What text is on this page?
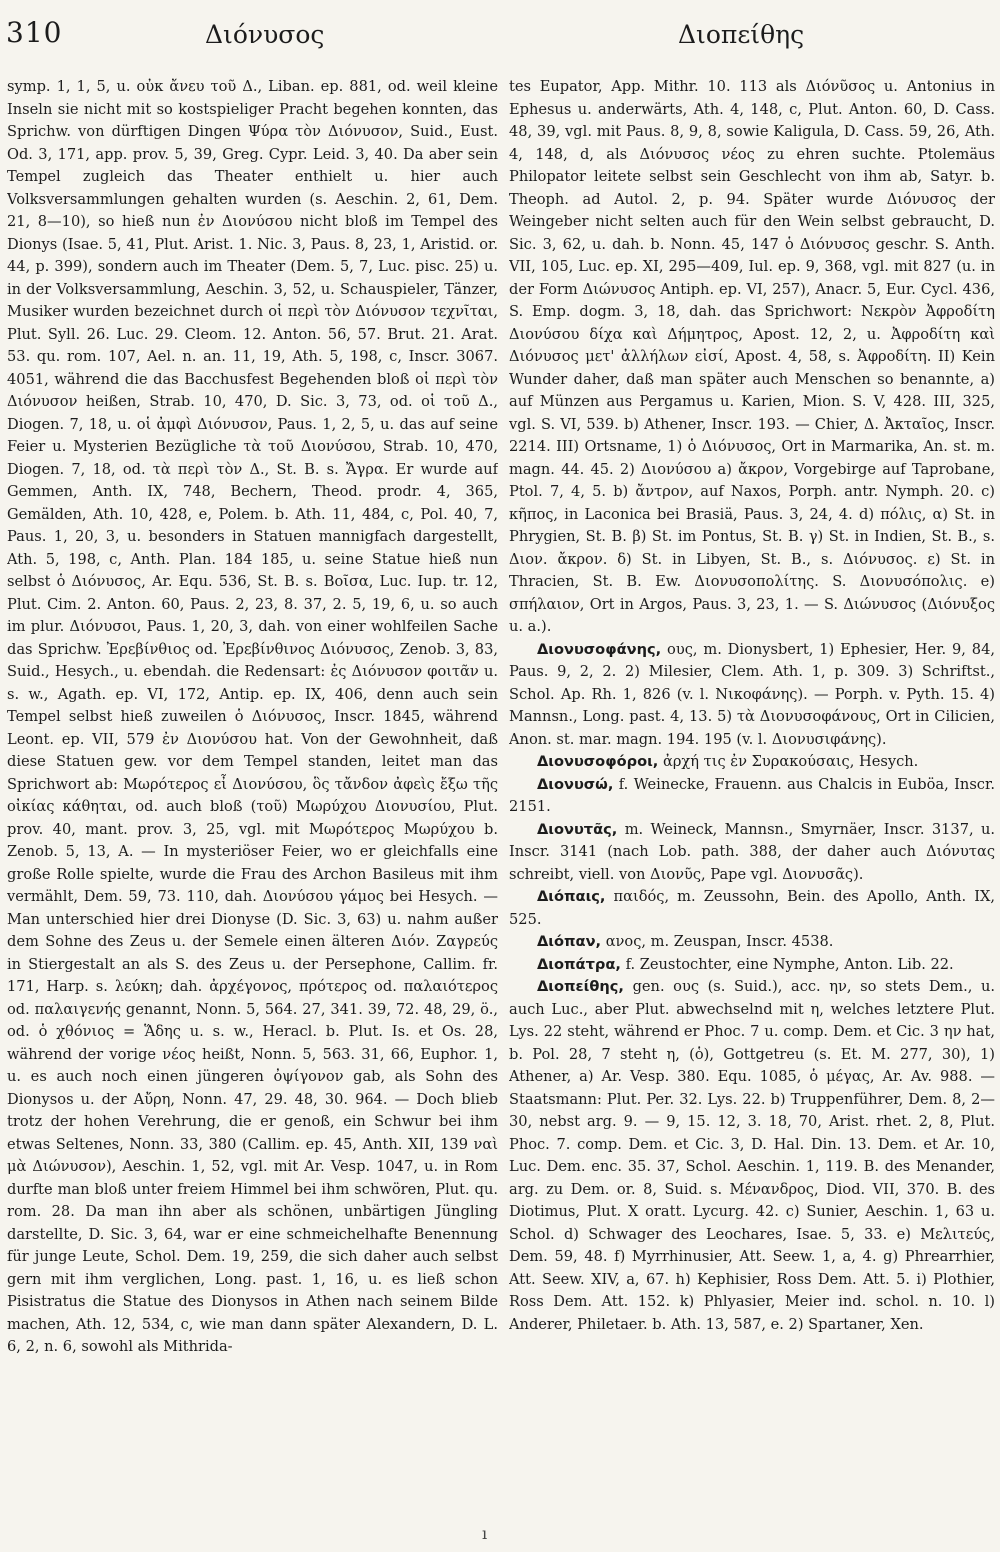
310	Διόνυσος	Διοπείθης

symp. 1, 1, 5, u. οὐκ ἄνευ τοῦ Δ., Liban. ep. 881, od. weil kleine Inseln sie nicht mit so kostspieliger Pracht begehen konnten, das Sprichw. von dürftigen Dingen Ψύρα τὸν Διόνυσον, Suid., Eust. Od. 3, 171, app. prov. 5, 39, Greg. Cypr. Leid. 3, 40. Da aber sein Tempel zugleich das Theater enthielt u. hier auch Volksversammlungen gehalten wurden (s. Aeschin. 2, 61, Dem. 21, 8—10), so hieß nun ἐν Διονύσου nicht bloß im Tempel des Dionys (Isae. 5, 41, Plut. Arist. 1. Nic. 3, Paus. 8, 23, 1, Aristid. or. 44, p. 399), sondern auch im Theater (Dem. 5, 7, Luc. pisc. 25) u. in der Volksversammlung, Aeschin. 3, 52, u. Schauspieler, Tänzer, Musiker wurden bezeichnet durch οἱ περὶ τὸν Διόνυσον τεχνῖται, Plut. Syll. 26. Luc. 29. Cleom. 12. Anton. 56, 57. Brut. 21. Arat. 53. qu. rom. 107, Ael. n. an. 11, 19, Ath. 5, 198, c, Inscr. 3067. 4051, während die das Bacchusfest Begehenden bloß οἱ περὶ τὸν Διόνυσον heißen, Strab. 10, 470, D. Sic. 3, 73, od. οἱ τοῦ Δ., Diogen. 7, 18, u. οἱ ἀμφὶ Διόνυσον, Paus. 1, 2, 5, u. das auf seine Feier u. Mysterien Bezügliche τὰ τοῦ Διονύσου, Strab. 10, 470, Diogen. 7, 18, od. τὰ περὶ τὸν Δ., St. B. s. Ἄγρα. Er wurde auf Gemmen, Anth. IX, 748, Bechern, Theod. prodr. 4, 365, Gemälden, Ath. 10, 428, e, Polem. b. Ath. 11, 484, c, Pol. 40, 7, Paus. 1, 20, 3, u. besonders in Statuen mannigfach dargestellt, Ath. 5, 198, c, Anth. Plan. 184 185, u. seine Statue hieß nun selbst ὁ Διόνυσος, Ar. Equ. 536, St. B. s. Βοῖσα, Luc. Iup. tr. 12, Plut. Cim. 2. Anton. 60, Paus. 2, 23, 8. 37, 2. 5, 19, 6, u. so auch im plur. Διόνυσοι, Paus. 1, 20, 3, dah. von einer wohlfeilen Sache das Sprichw. Ἐρεβίνθιος od. Ἐρεβίνθινος Διόνυσος, Zenob. 3, 83, Suid., Hesych., u. ebendah. die Redensart: ἐς Διόνυσον φοιτᾶν u. s. w., Agath. ep. VI, 172, Antip. ep. IX, 406, denn auch sein Tempel selbst hieß zuweilen ὁ Διόνυσος, Inscr. 1845, während Leont. ep. VII, 579 ἐν Διονύσου hat. Von der Gewohnheit, daß diese Statuen gew. vor dem Tempel standen, leitet man das Sprichwort ab: Μωρότερος εἶ Διονύσου, ὃς τἄνδον ἀφεὶς ἔξω τῆς οἰκίας κάθηται, od. auch bloß (τοῦ) Μωρύχου Διονυσίου, Plut. prov. 40, mant. prov. 3, 25, vgl. mit Μωρότερος Μωρύχου b. Zenob. 5, 13, A. — In mysteriöser Feier, wo er gleichfalls eine große Rolle spielte, wurde die Frau des Archon Basileus mit ihm vermählt, Dem. 59, 73. 110, dah. Διονύσου γάμος bei Hesych. — Man unterschied hier drei Dionyse (D. Sic. 3, 63) u. nahm außer dem Sohne des Zeus u. der Semele einen älteren Διόν. Ζαγρεύς in Stiergestalt an als S. des Zeus u. der Persephone, Callim. fr. 171, Harp. s. λεύκη; dah. ἀρχέγονος, πρότερος od. παλαιότερος od. παλαιγενής genannt, Nonn. 5, 564. 27, 341. 39, 72. 48, 29, ö., od. ὁ χθόνιος = Ἅδης u. s. w., Heracl. b. Plut. Is. et Os. 28, während der vorige νέος heißt, Nonn. 5, 563. 31, 66, Euphor. 1, u. es auch noch einen jüngeren ὀψίγονον gab, als Sohn des Dionysos u. der Αὔρη, Nonn. 47, 29. 48, 30. 964. — Doch blieb trotz der hohen Verehrung, die er genoß, ein Schwur bei ihm etwas Seltenes, Nonn. 33, 380 (Callim. ep. 45, Anth. XII, 139 ναὶ μὰ Διώνυσον), Aeschin. 1, 52, vgl. mit Ar. Vesp. 1047, u. in Rom durfte man bloß unter freiem Himmel bei ihm schwören, Plut. qu. rom. 28. Da man ihn aber als schönen, unbärtigen Jüngling darstellte, D. Sic. 3, 64, war er eine schmeichelhafte Benennung für junge Leute, Schol. Dem. 19, 259, die sich daher auch selbst gern mit ihm verglichen, Long. past. 1, 16, u. es ließ schon Pisistratus die Statue des Dionysos in Athen nach seinem Bilde machen, Ath. 12, 534, c, wie man dann später Alexandern, D. L. 6, 2, n. 6, sowohl als Mithrida-

tes Eupator, App. Mithr. 10. 113 als Διόνῦσος u. Antonius in Ephesus u. anderwärts, Ath. 4, 148, c, Plut. Anton. 60, D. Cass. 48, 39, vgl. mit Paus. 8, 9, 8, sowie Kaligula, D. Cass. 59, 26, Ath. 4, 148, d, als Διόνυσος νέος zu ehren suchte. Ptolemäus Philopator leitete selbst sein Geschlecht von ihm ab, Satyr. b. Theoph. ad Autol. 2, p. 94. Später wurde Διόνυσος der Weingeber nicht selten auch für den Wein selbst gebraucht, D. Sic. 3, 62, u. dah. b. Nonn. 45, 147 ὁ Διόνυσος geschr. S. Anth. VII, 105, Luc. ep. XI, 295—409, Iul. ep. 9, 368, vgl. mit 827 (u. in der Form Διώνυσος Antiph. ep. VI, 257), Anacr. 5, Eur. Cycl. 436, S. Emp. dogm. 3, 18, dah. das Sprichwort: Νεκρὸν Ἀφροδίτη Διονύσου δίχα καὶ Δήμητρος, Apost. 12, 2, u. Ἀφροδίτη καὶ Διόνυσος μετ' ἀλλήλων εἰσί, Apost. 4, 58, s. Ἀφροδίτη. II) Kein Wunder daher, daß man später auch Menschen so benannte, a) auf Münzen aus Pergamus u. Karien, Mion. S. V, 428. III, 325, vgl. S. VI, 539. b) Athener, Inscr. 193. — Chier, Δ. Ἀκταῖος, Inscr. 2214. III) Ortsname, 1) ὁ Διόνυσος, Ort in Marmarika, An. st. m. magn. 44. 45. 2) Διονύσου a) ἄκρον, Vorgebirge auf Taprobane, Ptol. 7, 4, 5. b) ἄντρον, auf Naxos, Porph. antr. Nymph. 20. c) κῆπος, in Laconica bei Brasiä, Paus. 3, 24, 4. d) πόλις, α) St. in Phrygien, St. B. β) St. im Pontus, St. B. γ) St. in Indien, St. B., s. Διον. ἄκρον. δ) St. in Libyen, St. B., s. Διόνυσος. ε) St. in Thracien, St. B. Ew. Διονυσοπολίτης. S. Διονυσόπολις. e) σπήλαιον, Ort in Argos, Paus. 3, 23, 1. — S. Διώνυσος (Διόνυξος u. a.).

Διονυσοφάνης, ους, m. Dionysbert, 1) Ephesier, Her. 9, 84, Paus. 9, 2, 2. 2) Milesier, Clem. Ath. 1, p. 309. 3) Schriftst., Schol. Ap. Rh. 1, 826 (v. l. Νικοφάνης). — Porph. v. Pyth. 15. 4) Mannsn., Long. past. 4, 13. 5) τὰ Διονυσοφάνους, Ort in Cilicien, Anon. st. mar. magn. 194. 195 (v. l. Διονυσιφάνης).

Διονυσοφόροι, ἀρχή τις ἐν Συρακούσαις, Hesych.

Διονυσώ, f. Weinecke, Frauenn. aus Chalcis in Euböa, Inscr. 2151.

Διονυτᾶς, m. Weineck, Mannsn., Smyrnäer, Inscr. 3137, u. Inscr. 3141 (nach Lob. path. 388, der daher auch Διόνυτας schreibt, viell. von Διονῦς, Pape vgl. Διονυσᾶς).

Διόπαις, παιδός, m. Zeussohn, Bein. des Apollo, Anth. IX, 525.

Διόπαν, ανος, m. Zeuspan, Inscr. 4538.

Διοπάτρα, f. Zeustochter, eine Nymphe, Anton. Lib. 22.

Διοπείθης, gen. ους (s. Suid.), acc. ην, so stets Dem., u. auch Luc., aber Plut. abwechselnd mit η, welches letztere Plut. Lys. 22 steht, während er Phoc. 7 u. comp. Dem. et Cic. 3 ην hat, b. Pol. 28, 7 steht η, (ὁ), Gottgetreu (s. Et. M. 277, 30), 1) Athener, a) Ar. Vesp. 380. Equ. 1085, ὁ μέγας, Ar. Av. 988. — Staatsmann: Plut. Per. 32. Lys. 22. b) Truppenführer, Dem. 8, 2—30, nebst arg. 9. — 9, 15. 12, 3. 18, 70, Arist. rhet. 2, 8, Plut. Phoc. 7. comp. Dem. et Cic. 3, D. Hal. Din. 13. Dem. et Ar. 10, Luc. Dem. enc. 35. 37, Schol. Aeschin. 1, 119. B. des Menander, arg. zu Dem. or. 8, Suid. s. Μένανδρος, Diod. VII, 370. B. des Diotimus, Plut. X oratt. Lycurg. 42. c) Sunier, Aeschin. 1, 63 u. Schol. d) Schwager des Leochares, Isae. 5, 33. e) Μελιτεύς, Dem. 59, 48. f) Myrrhinusier, Att. Seew. 1, a, 4. g) Phrearrhier, Att. Seew. XIV, a, 67. h) Kephisier, Ross Dem. Att. 5. i) Plothier, Ross Dem. Att. 152. k) Phlyasier, Meier ind. schol. n. 10. l) Anderer, Philetaer. b. Ath. 13, 587, e. 2) Spartaner, Xen.

ı
